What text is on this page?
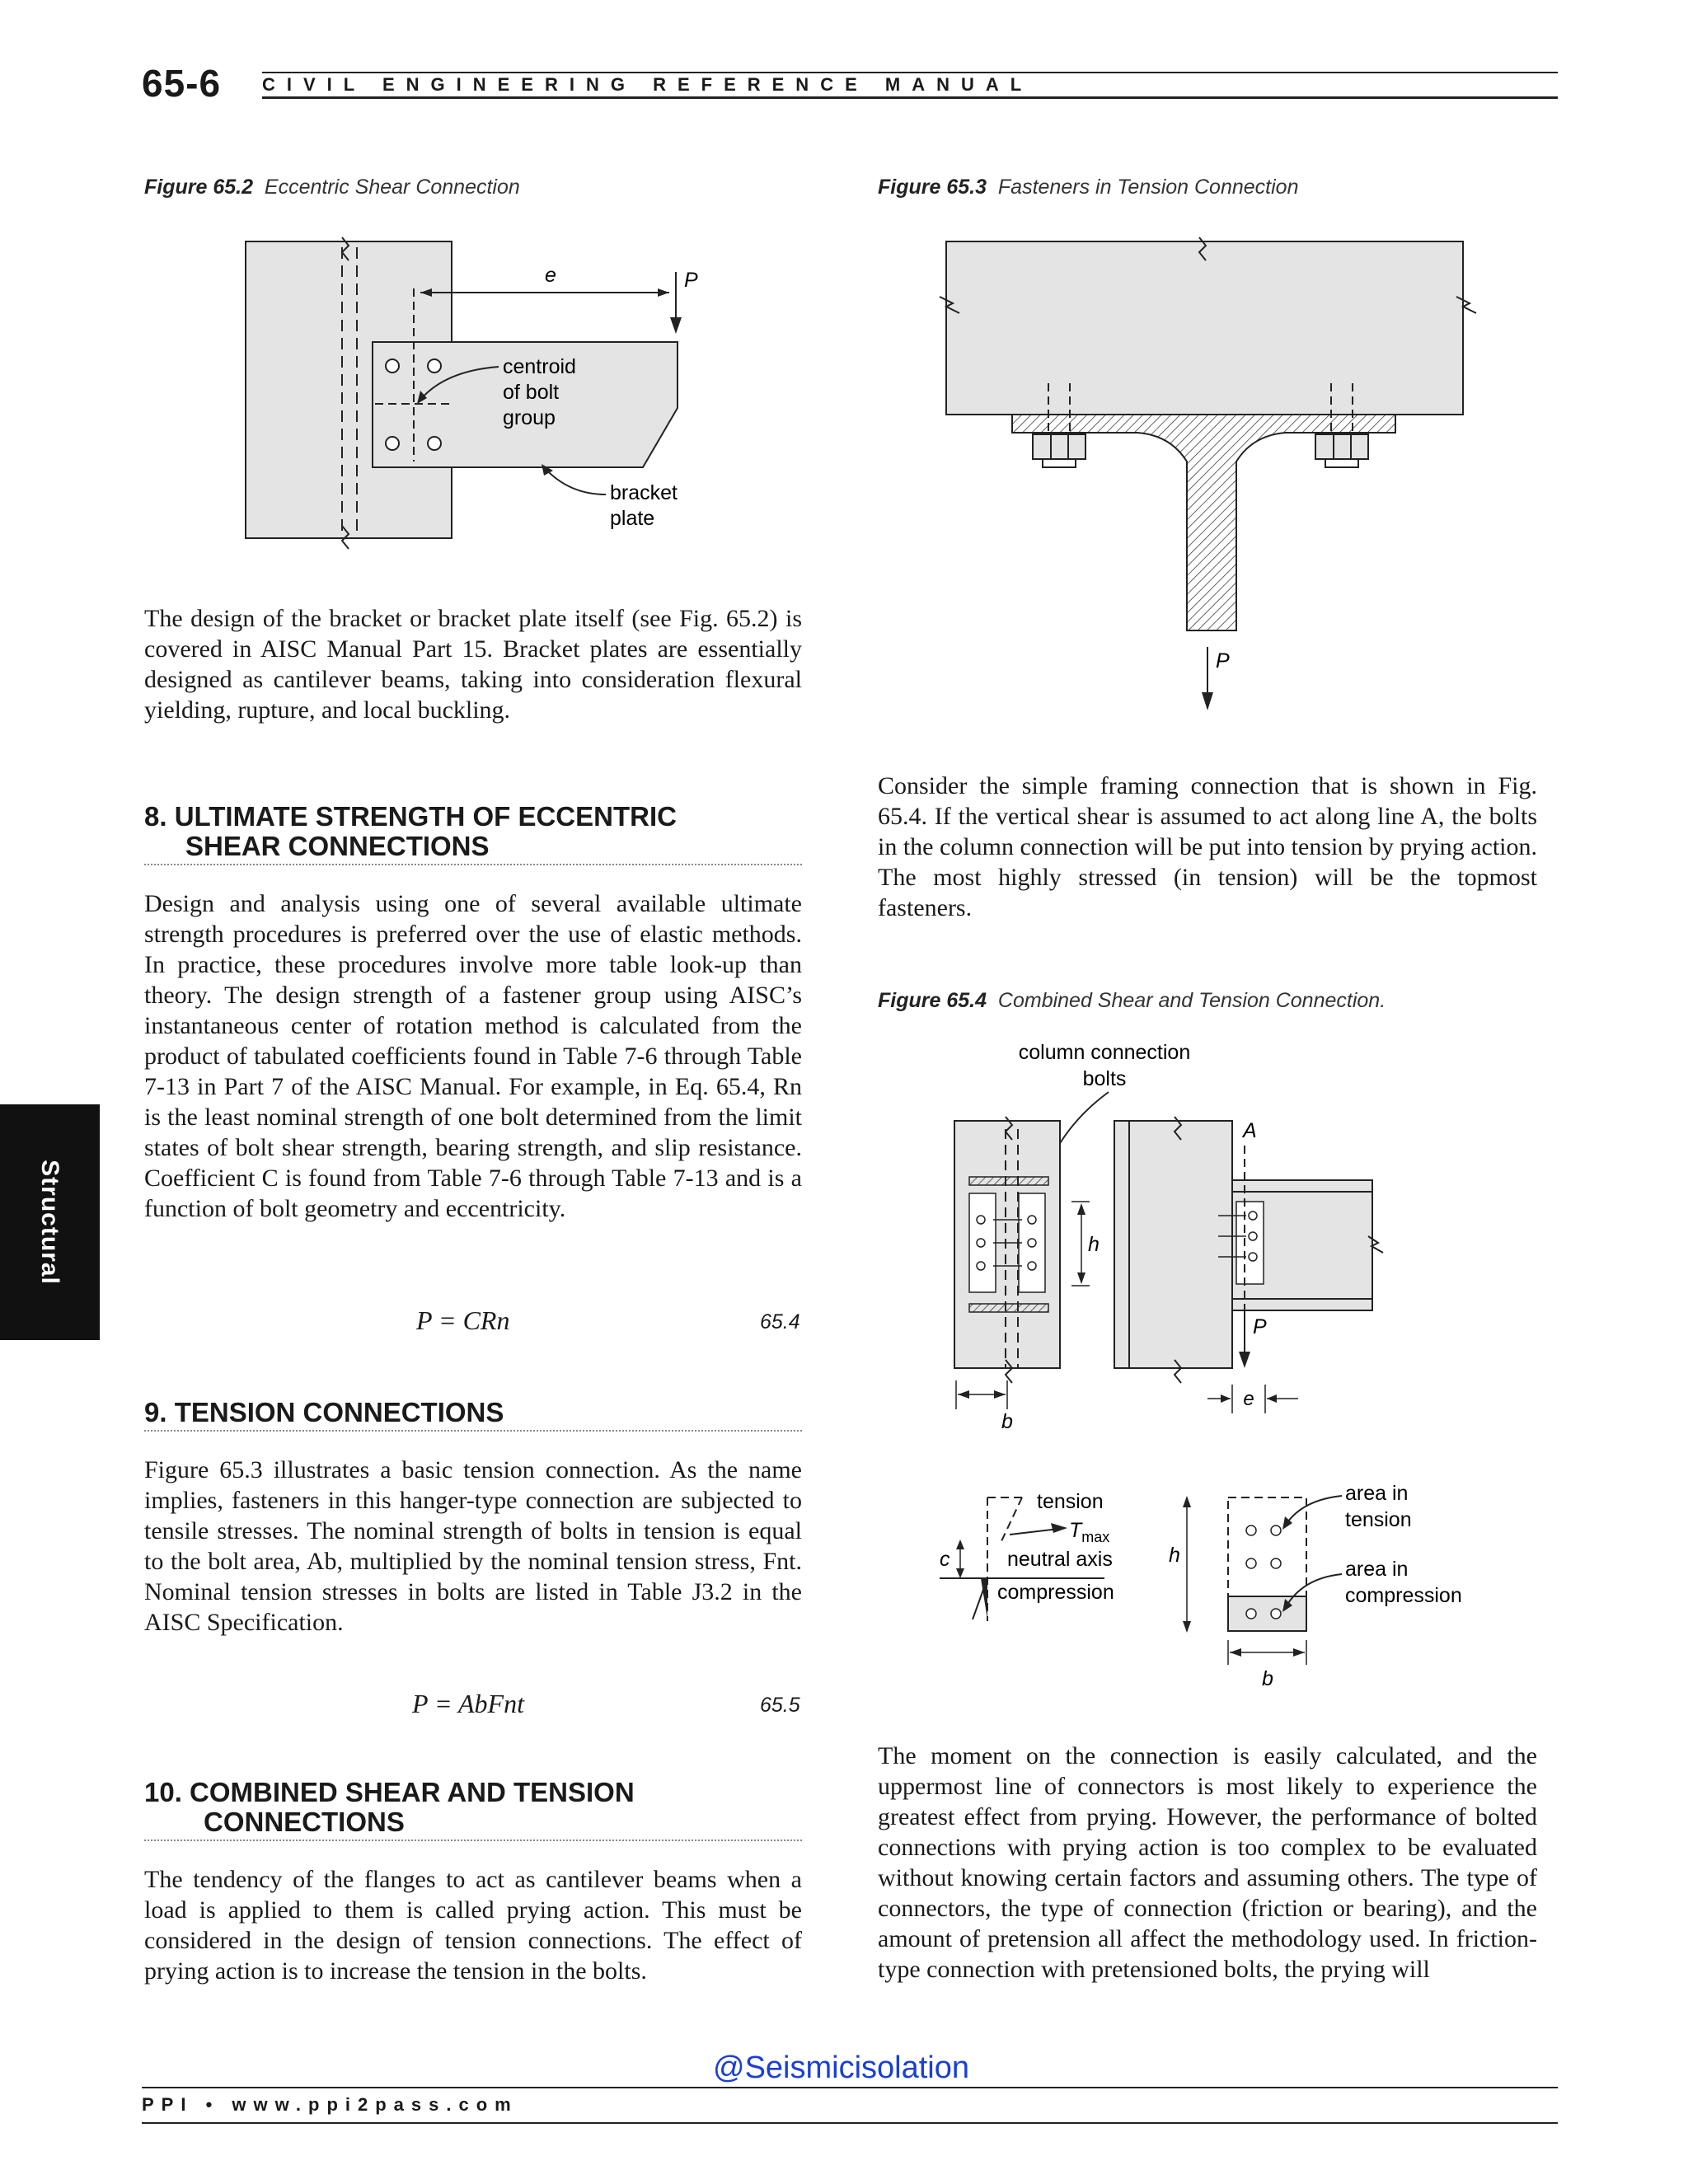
65-6 CIVIL ENGINEERING REFERENCE MANUAL
Structural
Figure 65.2 Eccentric Shear Connection
e	P
centroid
of bolt
group
bracket
plate
Figure 65.3 Fasteners in Tension Connection
P

The design of the bracket or bracket plate itself (see Fig. 65.2) is covered in AISC Manual Part 15. Bracket plates are essentially designed as cantilever beams, taking into consideration flexural yielding, rupture, and local buckling.

8. ULTIMATE STRENGTH OF ECCENTRIC
SHEAR CONNECTIONS

Design and analysis using one of several available ultimate strength procedures is preferred over the use of elastic methods. In practice, these procedures involve more table look-up than theory. The design strength of a fastener group using AISC’s instantaneous center of rotation method is calculated from the product of tabulated coefficients found in Table 7-6 through Table 7-13 in Part 7 of the AISC Manual. For example, in Eq. 65.4, Rn is the least nominal strength of one bolt determined from the limit states of bolt shear strength, bearing strength, and slip resistance. Coefficient C is found from Table 7-6 through Table 7-13 and is a function of bolt geometry and eccentricity.

P = CRn	65.4
9. TENSION CONNECTIONS

Figure 65.3 illustrates a basic tension connection. As the name implies, fasteners in this hanger-type connection are subjected to tensile stresses. The nominal strength of bolts in tension is equal to the bolt area, Ab, multiplied by the nominal tension stress, Fnt. Nominal tension stresses in bolts are listed in Table J3.2 in the AISC Specification.

P = AbFnt	65.5
10. COMBINED SHEAR AND TENSION
CONNECTIONS

The tendency of the flanges to act as cantilever beams when a load is applied to them is called prying action. This must be considered in the design of tension connections. The effect of prying action is to increase the tension in the bolts.

Consider the simple framing connection that is shown in Fig. 65.4. If the vertical shear is assumed to act along line A, the bolts in the column connection will be put into tension by prying action. The most highly stressed (in tension) will be the topmost fasteners.

Figure 65.4 Combined Shear and Tension Connection.
column connection
bolts
h
b
A
P
e
tension
$T_{max}$
neutral axis
compression
c	h
b
area in
tension
area in
compression

The moment on the connection is easily calculated, and the uppermost line of connectors is most likely to experience the greatest effect from prying. However, the performance of bolted connections with prying action is too complex to be evaluated without knowing certain factors and assuming others. The type of connectors, the type of connection (friction or bearing), and the amount of pretension all affect the methodology used. In friction-type connection with pretensioned bolts, the prying will

@Seismicisolation
PPI • www.ppi2pass.com
